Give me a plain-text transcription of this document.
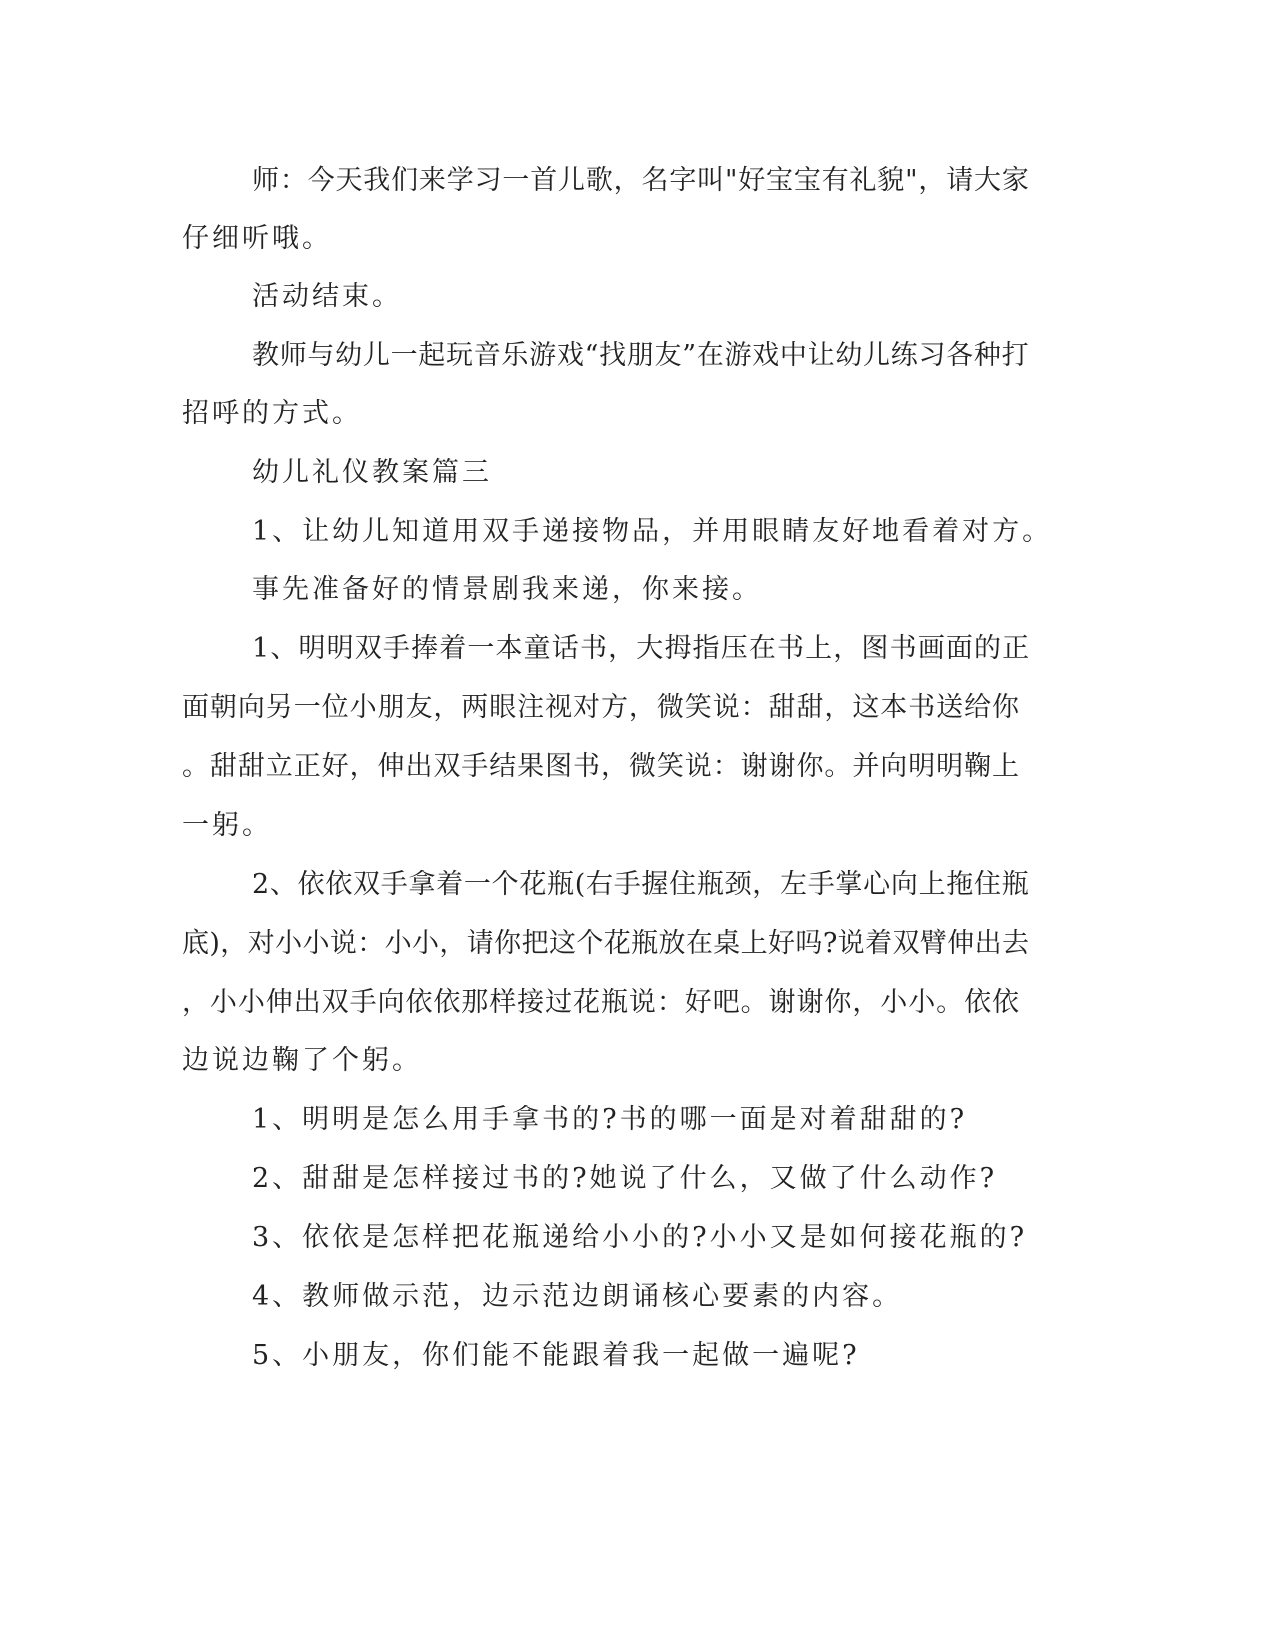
师：今天我们来学习一首儿歌，名字叫"好宝宝有礼貌"，请大家
仔细听哦。
活动结束。
教师与幼儿一起玩音乐游戏“找朋友”在游戏中让幼儿练习各种打
招呼的方式。
幼儿礼仪教案篇三
1、让幼儿知道用双手递接物品，并用眼睛友好地看着对方。
事先准备好的情景剧我来递，你来接。
1、明明双手捧着一本童话书，大拇指压在书上，图书画面的正
面朝向另一位小朋友，两眼注视对方，微笑说：甜甜，这本书送给你
。甜甜立正好，伸出双手结果图书，微笑说：谢谢你。并向明明鞠上
一躬。
2、依依双手拿着一个花瓶(右手握住瓶颈，左手掌心向上拖住瓶
底)，对小小说：小小，请你把这个花瓶放在桌上好吗?说着双臂伸出去
，小小伸出双手向依依那样接过花瓶说：好吧。谢谢你，小小。依依
边说边鞠了个躬。
1、明明是怎么用手拿书的?书的哪一面是对着甜甜的?
2、甜甜是怎样接过书的?她说了什么，又做了什么动作?
3、依依是怎样把花瓶递给小小的?小小又是如何接花瓶的?
4、教师做示范，边示范边朗诵核心要素的内容。
5、小朋友，你们能不能跟着我一起做一遍呢?
